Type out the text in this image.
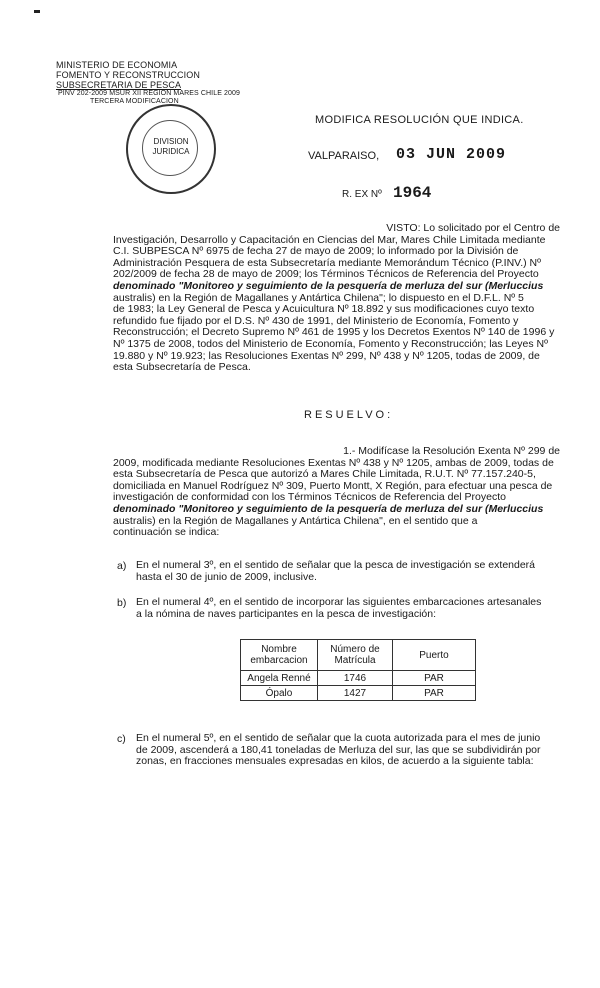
MINISTERIO DE ECONOMIA
FOMENTO Y RECONSTRUCCION
SUBSECRETARIA DE PESCA
PINV 202-2009 MSUR XII REGION MARES CHILE 2009
TERCERA MODIFICACION
DIVISION
JURIDICA
MODIFICA RESOLUCIÓN QUE INDICA.
VALPARAISO, 03 JUN 2009
R. EX Nº 1964
VISTO: Lo solicitado por el Centro de
Investigación, Desarrollo y Capacitación en Ciencias del Mar, Mares Chile Limitada mediante
C.I. SUBPESCA Nº 6975 de fecha 27 de mayo de 2009; lo informado por la División de
Administración Pesquera de esta Subsecretaría mediante Memorándum Técnico (P.INV.) Nº
202/2009 de fecha 28 de mayo de 2009; los Términos Técnicos de Referencia del Proyecto
denominado "Monitoreo y seguimiento de la pesquería de merluza del sur (Merluccius
australis) en la Región de Magallanes y Antártica Chilena"; lo dispuesto en el D.F.L. Nº 5
de 1983; la Ley General de Pesca y Acuicultura Nº 18.892 y sus modificaciones cuyo texto
refundido fue fijado por el D.S. Nº 430 de 1991, del Ministerio de Economía, Fomento y
Reconstrucción; el Decreto Supremo Nº 461 de 1995 y los Decretos Exentos Nº 140 de 1996 y
Nº 1375 de 2008, todos del Ministerio de Economía, Fomento y Reconstrucción; las Leyes Nº
19.880 y Nº 19.923; las Resoluciones Exentas Nº 299, Nº 438 y Nº 1205, todas de 2009, de
esta Subsecretaría de Pesca.
RESUELVO:
1.- Modifícase la Resolución Exenta Nº 299 de
2009, modificada mediante Resoluciones Exentas Nº 438 y Nº 1205, ambas de 2009, todas de
esta Subsecretaría de Pesca que autorizó a Mares Chile Limitada, R.U.T. Nº 77.157.240-5,
domiciliada en Manuel Rodríguez Nº 309, Puerto Montt, X Región, para efectuar una pesca de
investigación de conformidad con los Términos Técnicos de Referencia del Proyecto
denominado "Monitoreo y seguimiento de la pesquería de merluza del sur (Merluccius
australis) en la Región de Magallanes y Antártica Chilena", en el sentido que a
continuación se indica:
a) En el numeral 3º, en el sentido de señalar que la pesca de investigación se extenderá
hasta el 30 de junio de 2009, inclusive.
b) En el numeral 4º, en el sentido de incorporar las siguientes embarcaciones artesanales
a la nómina de naves participantes en la pesca de investigación:
Nombre embarcacion	Número de Matrícula	Puerto
Angela Renné	1746	PAR
Ópalo	1427	PAR
c) En el numeral 5º, en el sentido de señalar que la cuota autorizada para el mes de junio
de 2009, ascenderá a 180,41 toneladas de Merluza del sur, las que se subdividirán por
zonas, en fracciones mensuales expresadas en kilos, de acuerdo a la siguiente tabla:
